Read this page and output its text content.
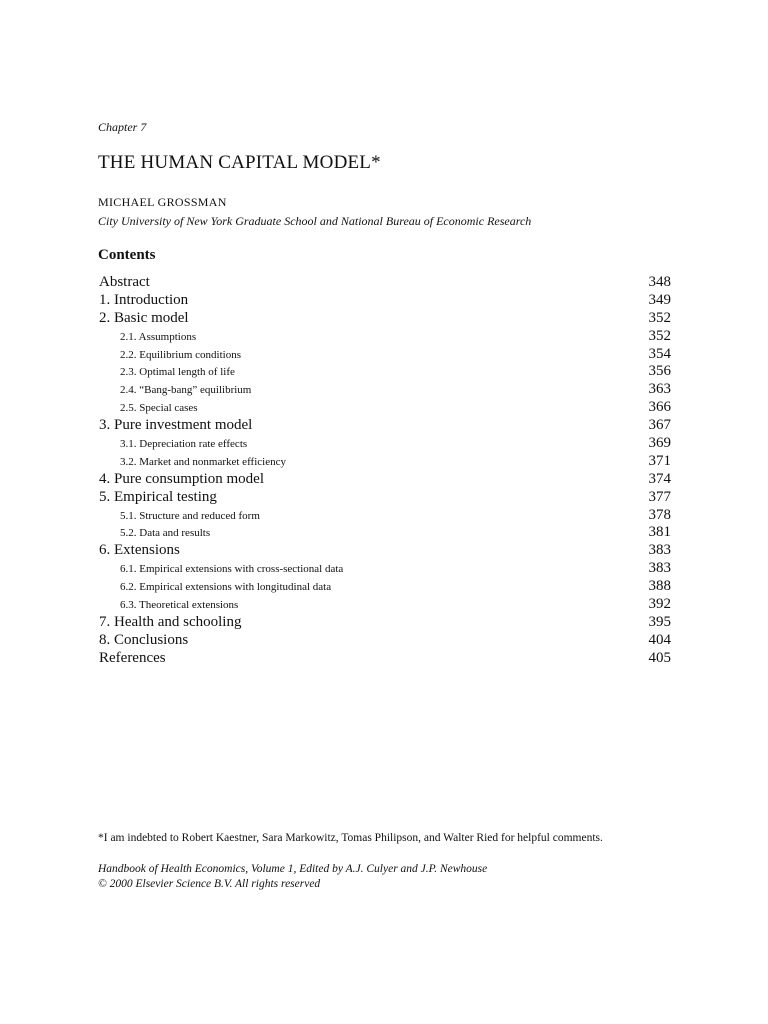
Chapter 7
THE HUMAN CAPITAL MODEL*
MICHAEL GROSSMAN
City University of New York Graduate School and National Bureau of Economic Research
Contents
Abstract	348
1. Introduction	349
2. Basic model	352
2.1. Assumptions	352
2.2. Equilibrium conditions	354
2.3. Optimal length of life	356
2.4. “Bang-bang” equilibrium	363
2.5. Special cases	366
3. Pure investment model	367
3.1. Depreciation rate effects	369
3.2. Market and nonmarket efficiency	371
4. Pure consumption model	374
5. Empirical testing	377
5.1. Structure and reduced form	378
5.2. Data and results	381
6. Extensions	383
6.1. Empirical extensions with cross-sectional data	383
6.2. Empirical extensions with longitudinal data	388
6.3. Theoretical extensions	392
7. Health and schooling	395
8. Conclusions	404
References	405
*I am indebted to Robert Kaestner, Sara Markowitz, Tomas Philipson, and Walter Ried for helpful comments.
Handbook of Health Economics, Volume 1, Edited by A.J. Culyer and J.P. Newhouse
© 2000 Elsevier Science B.V. All rights reserved
